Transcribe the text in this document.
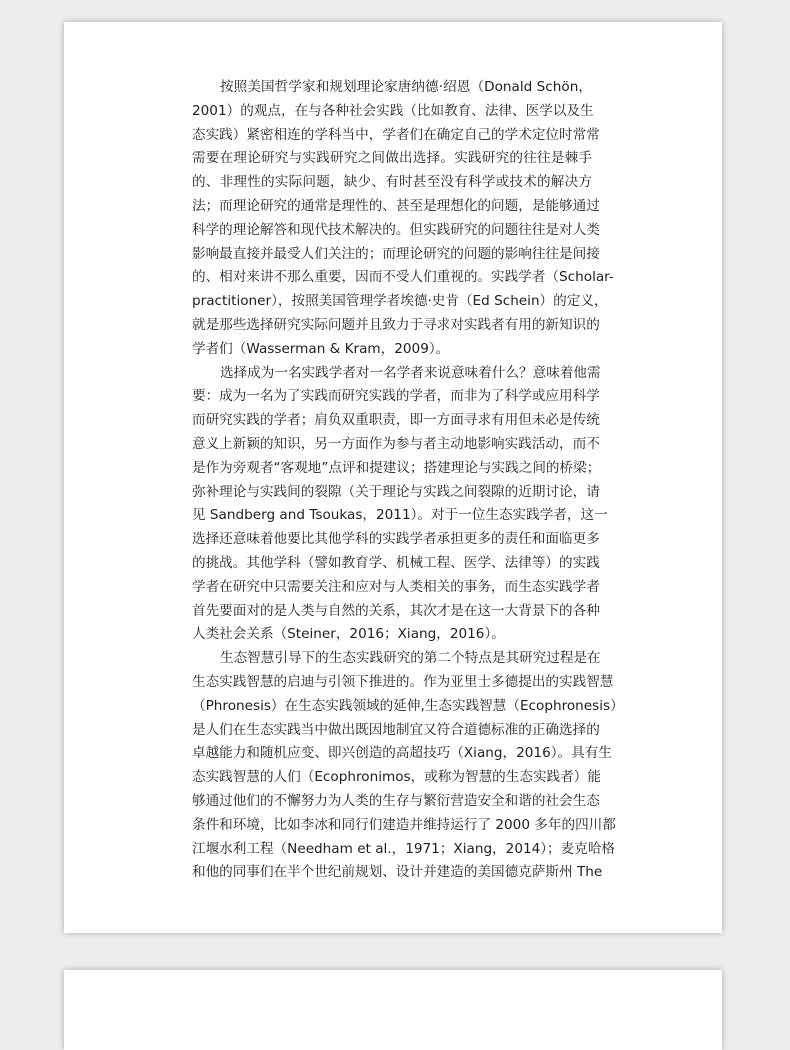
按照美国哲学家和规划理论家唐纳德·绍恩（Donald Schön，
2001）的观点，在与各种社会实践（比如教育、法律、医学以及生
态实践）紧密相连的学科当中，学者们在确定自己的学术定位时常常
需要在理论研究与实践研究之间做出选择。实践研究的往往是棘手
的、非理性的实际问题，缺少、有时甚至没有科学或技术的解决方
法；而理论研究的通常是理性的、甚至是理想化的问题，是能够通过
科学的理论解答和现代技术解决的。但实践研究的问题往往是对人类
影响最直接并最受人们关注的；而理论研究的问题的影响往往是间接
的、相对来讲不那么重要，因而不受人们重视的。实践学者（Scholar-
practitioner），按照美国管理学者埃德·史肯（Ed Schein）的定义，
就是那些选择研究实际问题并且致力于寻求对实践者有用的新知识的
学者们（Wasserman & Kram，2009）。
选择成为一名实践学者对一名学者来说意味着什么？意味着他需
要：成为一名为了实践而研究实践的学者，而非为了科学或应用科学
而研究实践的学者；肩负双重职责，即一方面寻求有用但未必是传统
意义上新颖的知识，另一方面作为参与者主动地影响实践活动，而不
是作为旁观者“客观地”点评和提建议；搭建理论与实践之间的桥梁；
弥补理论与实践间的裂隙（关于理论与实践之间裂隙的近期讨论，请
见 Sandberg and Tsoukas，2011）。对于一位生态实践学者，这一
选择还意味着他要比其他学科的实践学者承担更多的责任和面临更多
的挑战。其他学科（譬如教育学、机械工程、医学、法律等）的实践
学者在研究中只需要关注和应对与人类相关的事务，而生态实践学者
首先要面对的是人类与自然的关系，其次才是在这一大背景下的各种
人类社会关系（Steiner，2016；Xiang，2016）。
生态智慧引导下的生态实践研究的第二个特点是其研究过程是在
生态实践智慧的启迪与引领下推进的。作为亚里士多德提出的实践智慧
（Phronesis）在生态实践领域的延伸,生态实践智慧（Ecophronesis）
是人们在生态实践当中做出既因地制宜又符合道德标准的正确选择的
卓越能力和随机应变、即兴创造的高超技巧（Xiang，2016）。具有生
态实践智慧的人们（Ecophronimos，或称为智慧的生态实践者）能
够通过他们的不懈努力为人类的生存与繁衍营造安全和谐的社会生态
条件和环境，比如李冰和同行们建造并维持运行了 2000 多年的四川都
江堰水利工程（Needham et al.，1971；Xiang，2014）；麦克哈格
和他的同事们在半个世纪前规划、设计并建造的美国德克萨斯州 The
